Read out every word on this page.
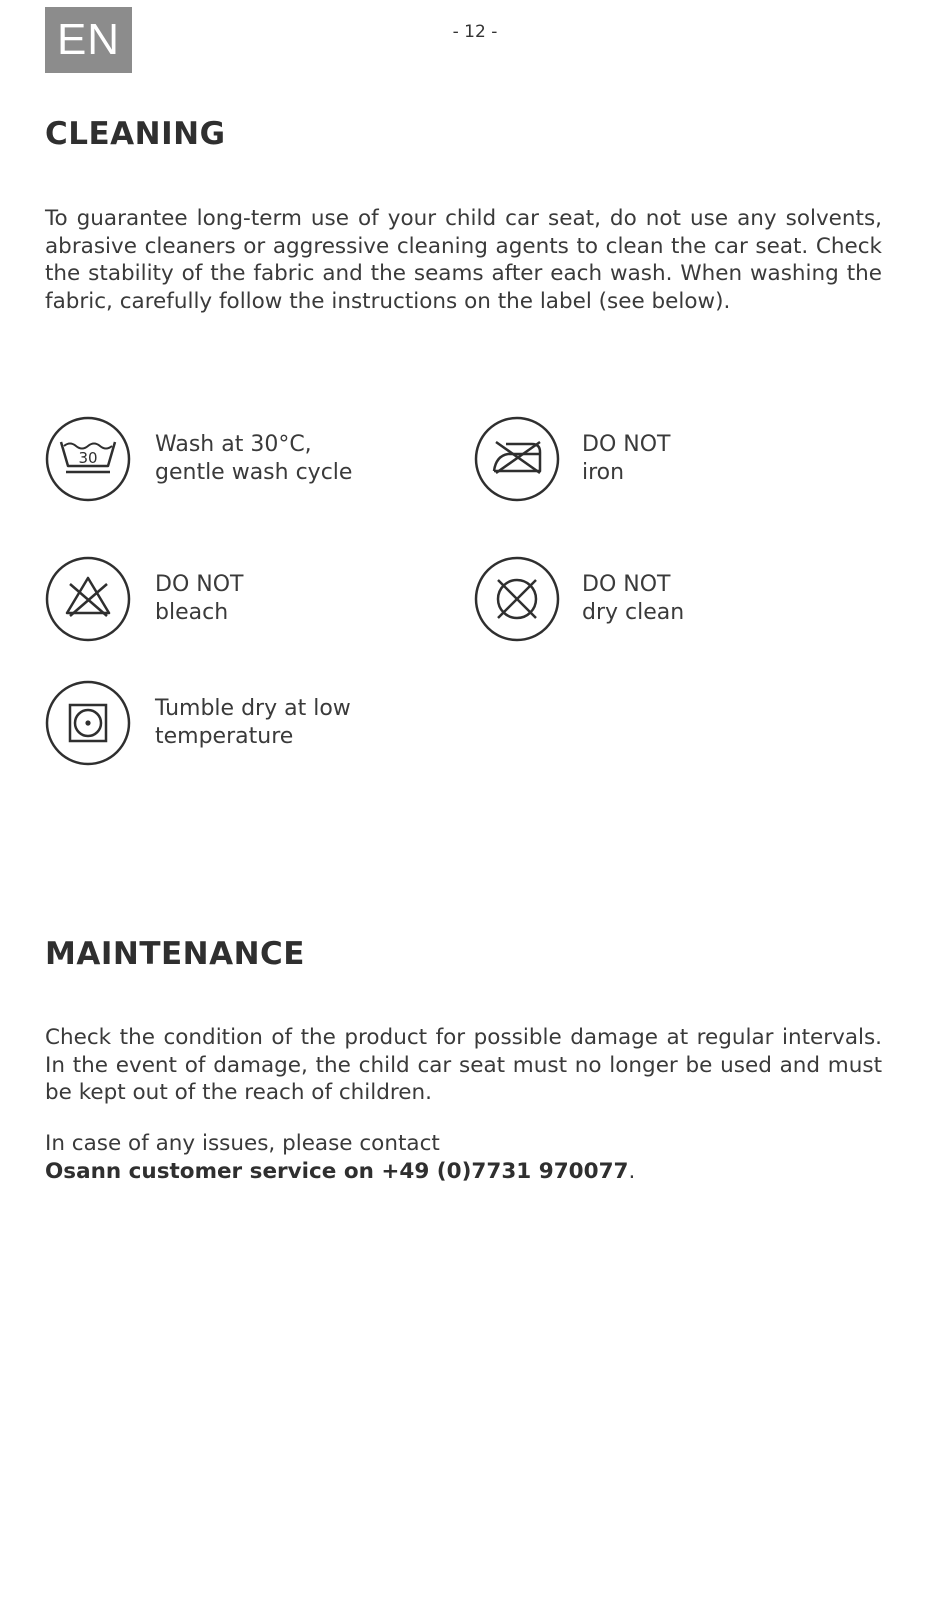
EN	- 12 -
CLEANING

To guarantee long-term use of your child car seat, do not use any solvents, abrasive cleaners or aggressive cleaning agents to clean the car seat. Check the stability of the fabric and the seams after each wash. When washing the fabric, carefully follow the instructions on the label (see below).

30
Wash at 30°C,
gentle wash cycle
DO NOT
iron
DO NOT
bleach
DO NOT
dry clean
Tumble dry at low
temperature
MAINTENANCE

Check the condition of the product for possible damage at regular intervals. In the event of damage, the child car seat must no longer be used and must be kept out of the reach of children.

In case of any issues, please contact
Osann customer service on +49 (0)7731 970077.
